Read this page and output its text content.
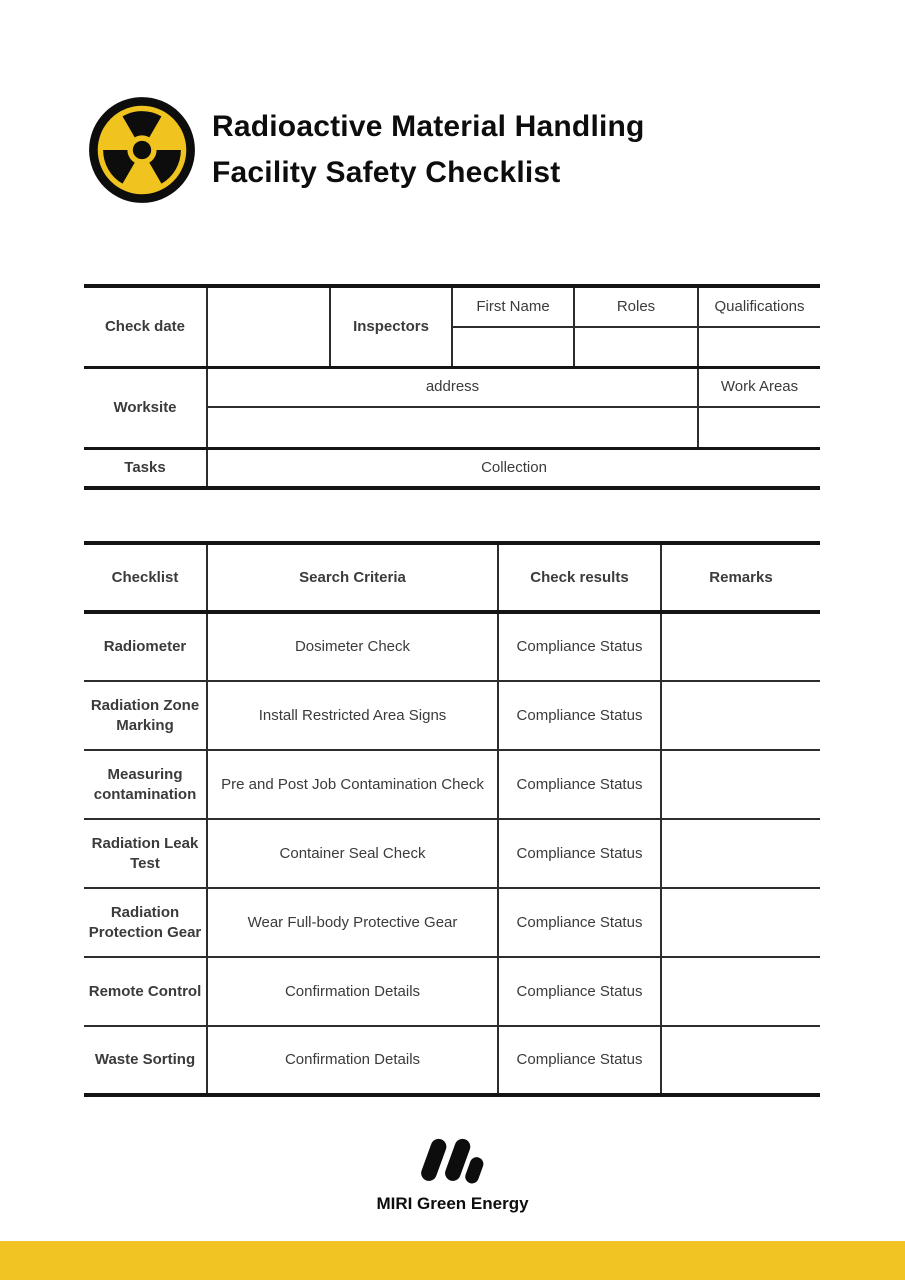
Radioactive Material Handling
Facility Safety Checklist
Check date		Inspectors	First Name	Roles	Qualifications

Worksite	address				Work Areas

Tasks	Collection				
Checklist	Search Criteria	Check results	Remarks
Radiometer	Dosimeter Check	Compliance Status	
Radiation Zone Marking	Install Restricted Area Signs	Compliance Status	
Measuring contamination	Pre and Post Job Contamination Check	Compliance Status	
Radiation Leak Test	Container Seal Check	Compliance Status	
Radiation Protection Gear	Wear Full-body Protective Gear	Compliance Status	
Remote Control	Confirmation Details	Compliance Status	
Waste Sorting	Confirmation Details	Compliance Status	
MIRI Green Energy
